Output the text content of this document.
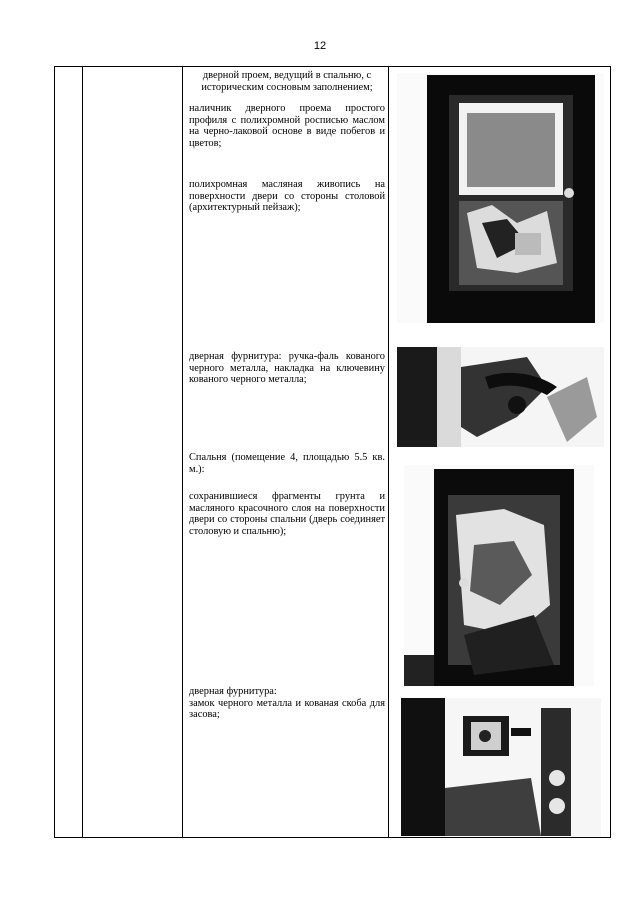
12

дверной проем, ведущий в спальню, с историческим сосновым заполнением;

наличник дверного проема простого профиля с полихромной росписью маслом на черно-лаковой основе в виде побегов и цветов;

полихромная масляная живопись на поверхности двери со стороны столовой (архитектурный пейзаж);

дверная фурнитура: ручка-фаль кованого черного металла, накладка на ключевину кованого черного металла;

Спальня (помещение 4, площадью 5.5 кв. м.):

сохранившиеся фрагменты грунта и масляного красочного слоя на поверхности двери со стороны спальни (дверь соединяет столовую и спальню);

дверная фурнитура:

замок черного металла и кованая скоба для засова;
